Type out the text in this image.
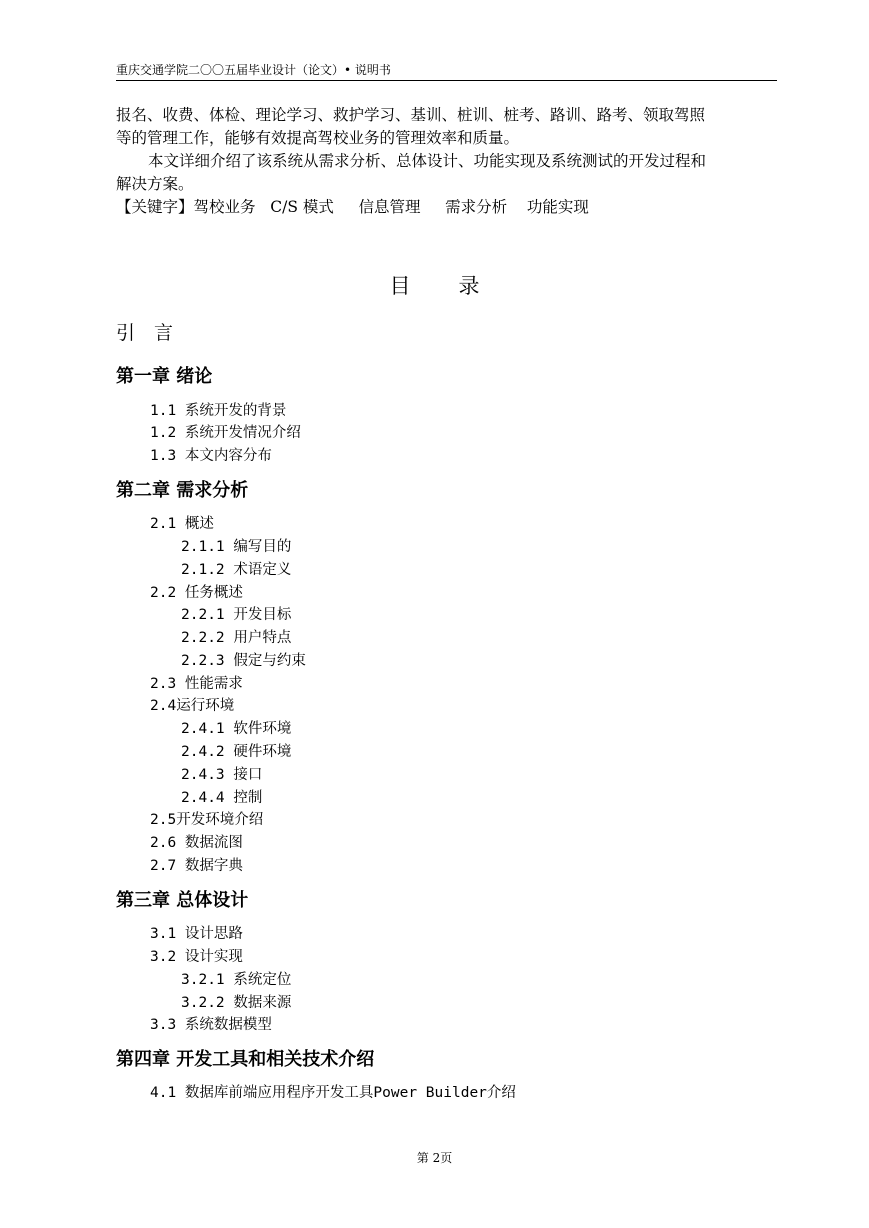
重庆交通学院二〇〇五届毕业设计（论文）• 说明书
报名、收费、体检、理论学习、救护学习、基训、桩训、桩考、路训、路考、领取驾照
等的管理工作，能够有效提高驾校业务的管理效率和质量。
本文详细介绍了该系统从需求分析、总体设计、功能实现及系统测试的开发过程和
解决方案。
【关键字】驾校业务   C/S 模式     信息管理     需求分析    功能实现
目 录
引　言
第一章 绪论
1.1 系统开发的背景
1.2 系统开发情况介绍
1.3 本文内容分布
第二章 需求分析
2.1 概述
2.1.1 编写目的
2.1.2 术语定义
2.2 任务概述
2.2.1 开发目标
2.2.2 用户特点
2.2.3 假定与约束
2.3 性能需求
2.4运行环境
2.4.1 软件环境
2.4.2 硬件环境
2.4.3 接口
2.4.4 控制
2.5开发环境介绍
2.6 数据流图
2.7 数据字典
第三章 总体设计
3.1 设计思路
3.2 设计实现
3.2.1 系统定位
3.2.2 数据来源
3.3 系统数据模型
第四章 开发工具和相关技术介绍
4.1 数据库前端应用程序开发工具Power Builder介绍
第 2页
